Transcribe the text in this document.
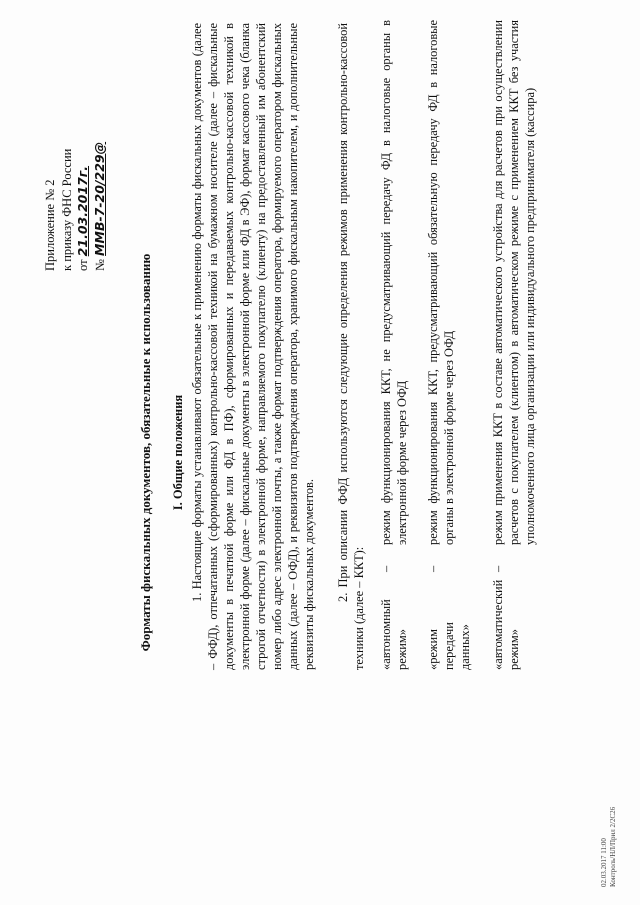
Приложение № 2 к приказу ФНС России от 21.03.2017г.
№ ММВ-7-20/229@
Форматы фискальных документов, обязательные к использованию I. Общие положения 1. Настоящие форматы устанавливают обязательные к применению форматы фискальных документов (далее – ФФД), отпечатанных (сформированных) контрольно-кассовой техникой на бумажном носителе (далее – фискальные документы в печатной форме или ФД в ПФ), сформированных и передаваемых контрольно-кассовой техникой в электронной форме (далее – фискальные документы в электронной форме или ФД в ЭФ), формат кассового чека (бланка строгой отчетности) в электронной форме, направляемого покупателю (клиенту) на предоставленный им абонентский номер либо адрес электронной почты, а также формат подтверждения оператора, формируемого оператором фискальных данных (далее – ОФД), и реквизитов подтверждения оператора, хранимого фискальным накопителем, и дополнительные реквизиты фискальных документов. 2. При описании ФФД используются следующие определения режимов применения контрольно-кассовой техники (далее – ККТ): «автономный режим»
–
режим функционирования ККТ, не предусматривающий передачу ФД в налоговые органы в электронной форме через ОФД
«режим передачи данных»
–
режим функционирования ККТ, предусматривающий обязательную передачу ФД в налоговые органы в электронной форме через ОФД
«автоматический режим»
–
режим применения ККТ в составе автоматического устройства для расчетов при осуществлении расчетов с покупателем (клиентом) в автоматическом режиме с применением ККТ без участия уполномоченного лица организации или индивидуального предпринимателя (кассира)
02.03.2017 11:00 Контроль/НЛ/Прил 2/2С26
